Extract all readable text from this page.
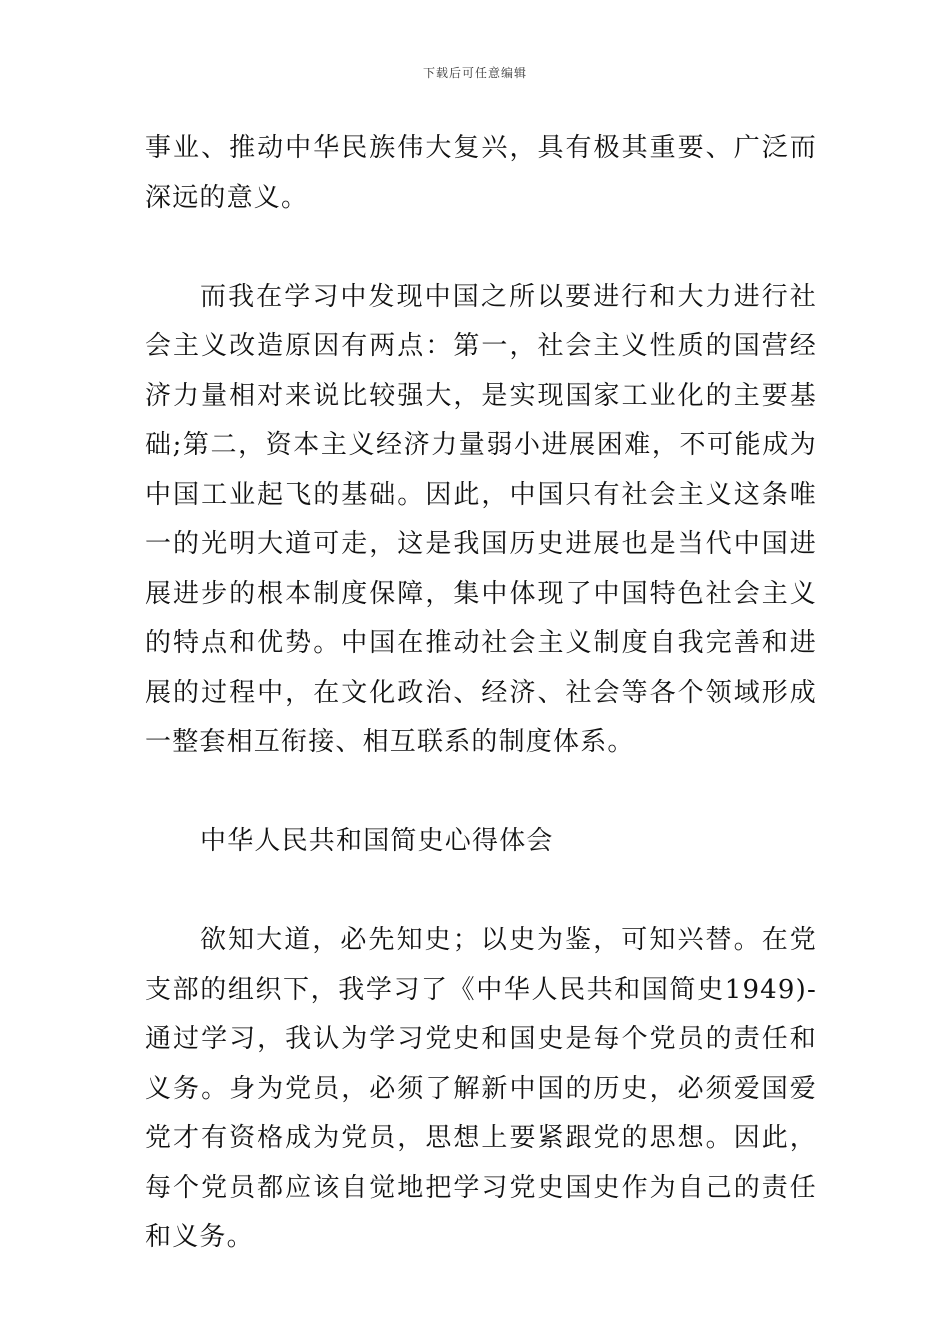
下载后可任意编辑

事业、推动中华民族伟大复兴，具有极其重要、广泛而深远的意义。

而我在学习中发现中国之所以要进行和大力进行社会主义改造原因有两点：第一，社会主义性质的国营经济力量相对来说比较强大，是实现国家工业化的主要基础;第二，资本主义经济力量弱小进展困难，不可能成为中国工业起飞的基础。因此，中国只有社会主义这条唯一的光明大道可走，这是我国历史进展也是当代中国进展进步的根本制度保障，集中体现了中国特色社会主义的特点和优势。中国在推动社会主义制度自我完善和进展的过程中，在文化政治、经济、社会等各个领域形成一整套相互衔接、相互联系的制度体系。

中华人民共和国简史心得体会

欲知大道，必先知史；以史为鉴，可知兴替。在党支部的组织下，我学习了《中华人民共和国简史1949)-通过学习，我认为学习党史和国史是每个党员的责任和义务。身为党员，必须了解新中国的历史，必须爱国爱党才有资格成为党员，思想上要紧跟党的思想。因此，每个党员都应该自觉地把学习党史国史作为自己的责任和义务。
